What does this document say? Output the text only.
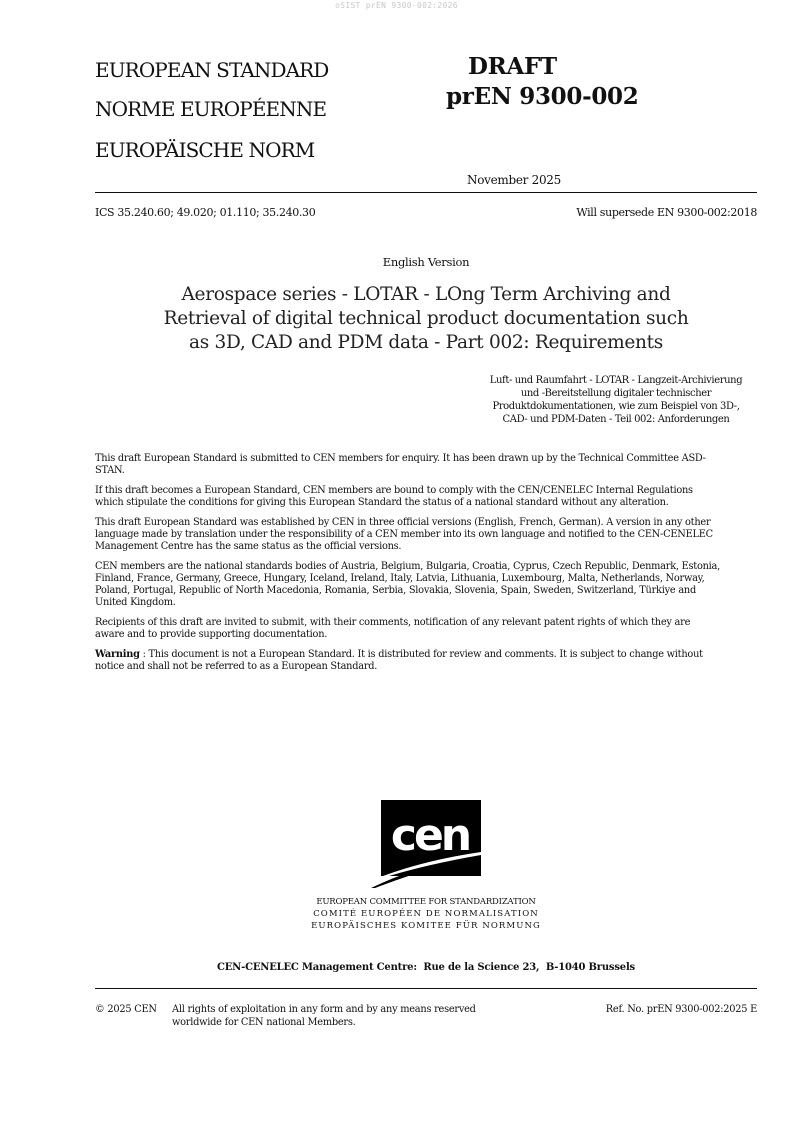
oSIST prEN 9300-002:2026
EUROPEAN STANDARD
NORME EUROPÉENNE
EUROPÄISCHE NORM
DRAFT
prEN 9300-002
November 2025
ICS 35.240.60; 49.020; 01.110; 35.240.30	Will supersede EN 9300-002:2018
English Version
Aerospace series - LOTAR - LOng Term Archiving and
Retrieval of digital technical product documentation such
as 3D, CAD and PDM data - Part 002: Requirements
Luft- und Raumfahrt - LOTAR - Langzeit-Archivierung
und -Bereitstellung digitaler technischer
Produktdokumentationen, wie zum Beispiel von 3D-,
CAD- und PDM-Daten - Teil 002: Anforderungen

This draft European Standard is submitted to CEN members for enquiry. It has been drawn up by the Technical Committee ASD-
STAN.

If this draft becomes a European Standard, CEN members are bound to comply with the CEN/CENELEC Internal Regulations
which stipulate the conditions for giving this European Standard the status of a national standard without any alteration.

This draft European Standard was established by CEN in three official versions (English, French, German). A version in any other
language made by translation under the responsibility of a CEN member into its own language and notified to the CEN-CENELEC
Management Centre has the same status as the official versions.

CEN members are the national standards bodies of Austria, Belgium, Bulgaria, Croatia, Cyprus, Czech Republic, Denmark, Estonia,
Finland, France, Germany, Greece, Hungary, Iceland, Ireland, Italy, Latvia, Lithuania, Luxembourg, Malta, Netherlands, Norway,
Poland, Portugal, Republic of North Macedonia, Romania, Serbia, Slovakia, Slovenia, Spain, Sweden, Switzerland, Türkiye and
United Kingdom.

Recipients of this draft are invited to submit, with their comments, notification of any relevant patent rights of which they are
aware and to provide supporting documentation.

Warning : This document is not a European Standard. It is distributed for review and comments. It is subject to change without
notice and shall not be referred to as a European Standard.

cen
EUROPEAN COMMITTEE FOR STANDARDIZATION
COMITÉ EUROPÉEN DE NORMALISATION
EUROPÄISCHES KOMITEE FÜR NORMUNG
CEN-CENELEC Management Centre:  Rue de la Science 23,  B-1040 Brussels
© 2025 CEN All rights of exploitation in any form and by any means reserved
worldwide for CEN national Members.
Ref. No. prEN 9300-002:2025 E
